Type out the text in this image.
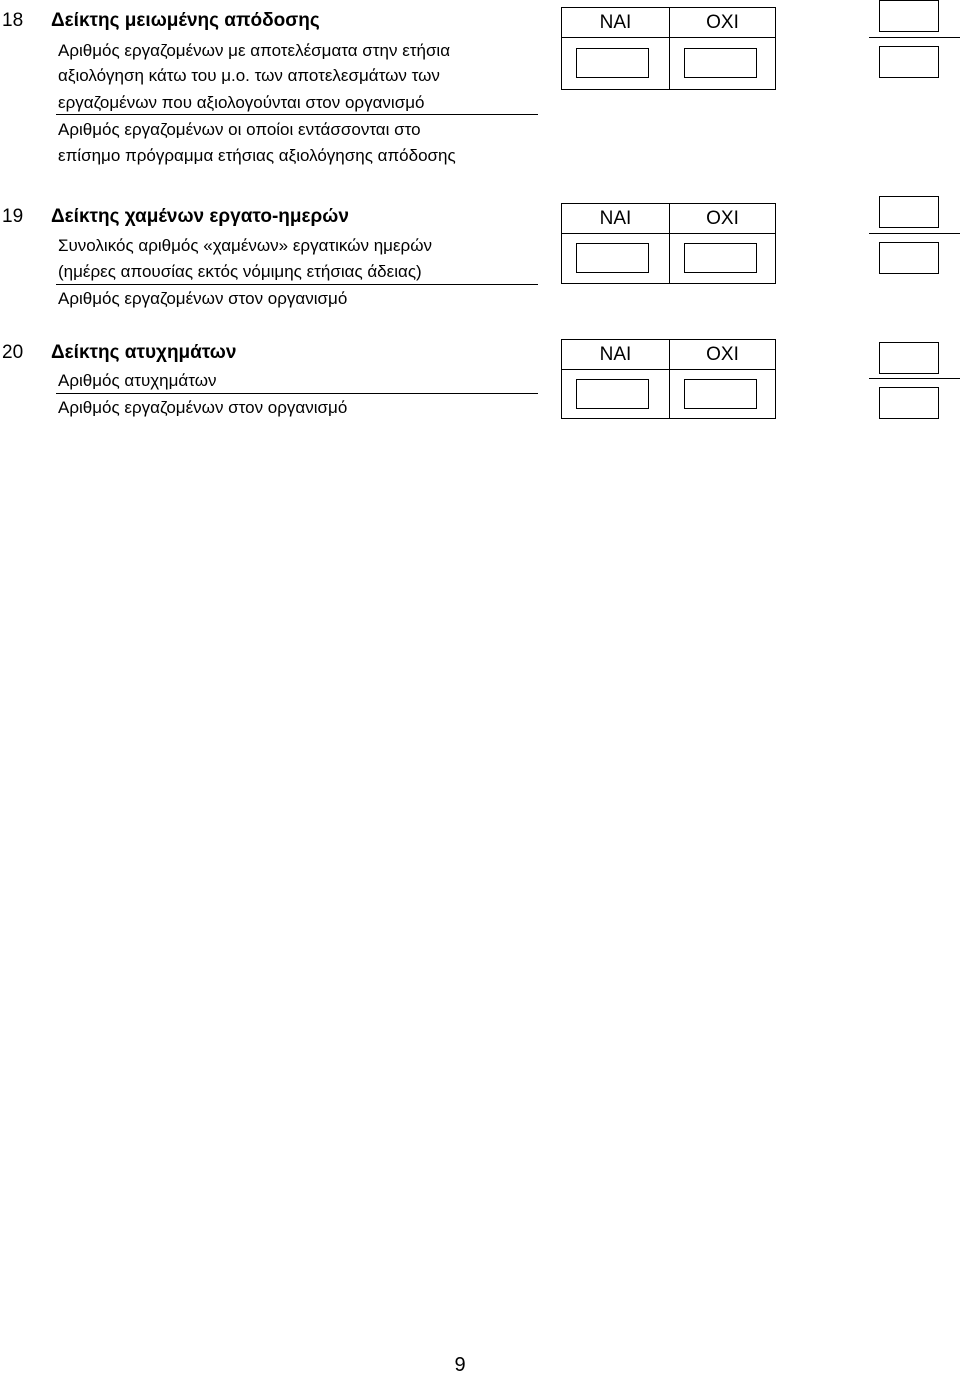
18 Δείκτης μειωμένης απόδοσης
Αριθμός εργαζομένων με αποτελέσματα στην ετήσια
αξιολόγηση κάτω του μ.ο. των αποτελεσμάτων των
εργαζομένων που αξιολογούνται στον οργανισμό
Αριθμός εργαζομένων οι οποίοι εντάσσονται στο
επίσημο πρόγραμμα ετήσιας αξιολόγησης απόδοσης
ΝΑΙ	ΟΧΙ
19 Δείκτης χαμένων εργατο-ημερών
Συνολικός αριθμός «χαμένων» εργατικών ημερών
(ημέρες απουσίας εκτός νόμιμης ετήσιας άδειας)
Αριθμός εργαζομένων στον οργανισμό
ΝΑΙ	ΟΧΙ
20 Δείκτης ατυχημάτων
Αριθμός ατυχημάτων
Αριθμός εργαζομένων στον οργανισμό
ΝΑΙ	ΟΧΙ
9
